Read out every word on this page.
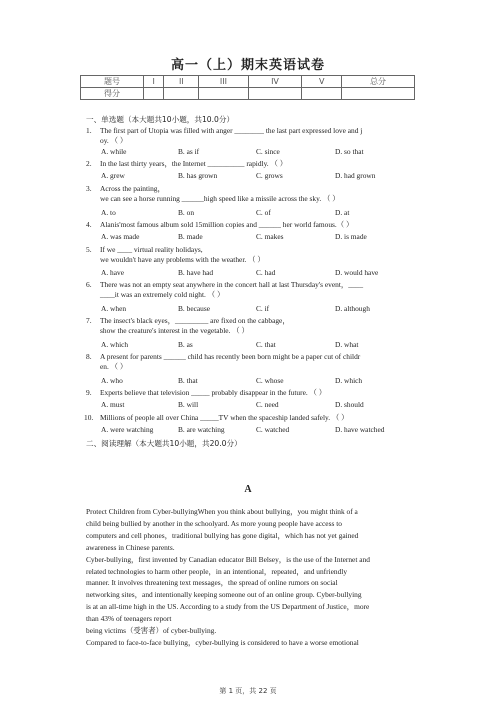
高一（上）期末英语试卷
题号	I	II	III	IV	V	总分
得分						
一、单选题（本大题共10小题，共10.0分）
1. The first part of Utopia was filled with anger ________ the last part expressed love and j
oy. （ ）
A. while	B. as if	C. since	D. so that
2. In the last thirty years，the Internet __________ rapidly. （ ）
A. grew	B. has grown	C. grows	D. had grown
3. Across the painting，
we can see a horse running ______high speed like a missile across the sky. （ ）
A. to	B. on	C. of	D. at
4. Alanis'most famous album sold 15million copies and ______ her world famous.（ ）
A. was made	B. made	C. makes	D. is made
5. If we ____ virtual reality holidays,
we wouldn't have any problems with the weather. （ ）
A. have	B. have had	C. had	D. would have
6. There was not an empty seat anywhere in the concert hall at last Thursday's event，____
____it was an extremely cold night. （ ）
A. when	B. because	C. if	D. although
7. The insect's black eyes，_________ are fixed on the cabbage，
show the creature's interest in the vegetable. （ ）
A. which	B. as	C. that	D. what
8. A present for parents ______ child has recently been born might be a paper cut of childr
en. （ ）
A. who	B. that	C. whose	D. which
9. Experts believe that television _____ probably disappear in the future. （ ）
A. must	B. will	C. need	D. should
10. Millions of people all over China _____TV when the spaceship landed safely. （ ）
A. were watching	B. are watching	C. watched	D. have watched
二、阅读理解（本大题共10小题，共20.0分）
A
Protect Children from Cyber-bullyingWhen you think about bullying，you might think of a
child being bullied by another in the schoolyard. As more young people have access to
computers and cell phones，traditional bullying has gone digital，which has not yet gained
awareness in Chinese parents.
Cyber-bullying，first invented by Canadian educator Bill Belsey，is the use of the Internet and
related technologies to harm other people，in an intentional，repeated，and unfriendly
manner. It involves threatening text messages，the spread of online rumors on social
networking sites，and intentionally keeping someone out of an online group. Cyber-bullying
is at an all-time high in the US. According to a study from the US Department of Justice，more
than 43% of teenagers report
being victims（受害者）of cyber-bullying.
Compared to face-to-face bullying，cyber-bullying is considered to have a worse emotional
第 1 页，共 22 页
